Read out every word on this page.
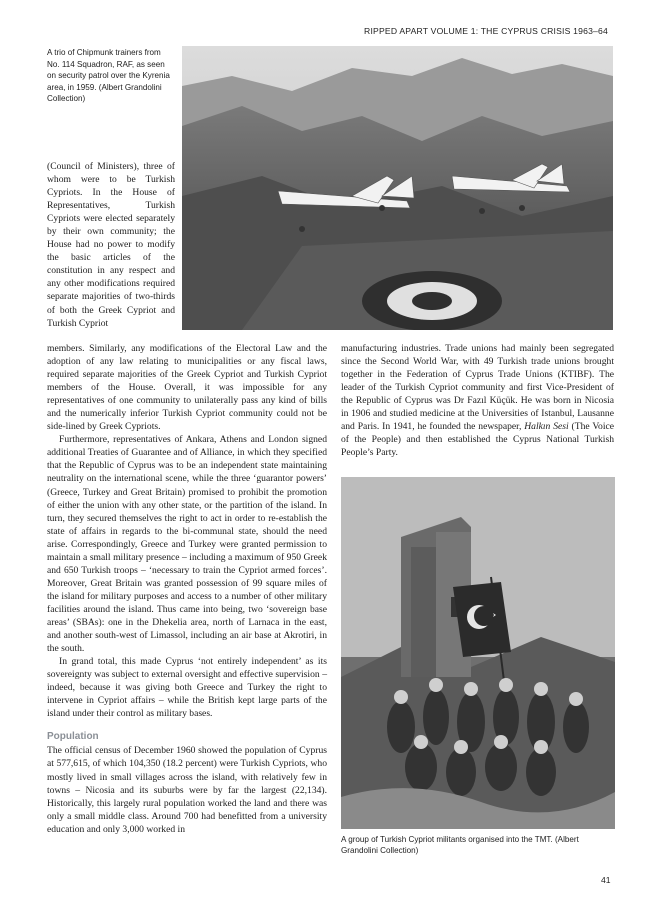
RIPPED APART VOLUME 1: THE CYPRUS CRISIS 1963–64
A trio of Chipmunk trainers from No. 114 Squadron, RAF, as seen on security patrol over the Kyrenia area, in 1959. (Albert Grandolini Collection)

(Council of Ministers), three of whom were to be Turkish Cypriots. In the House of Representatives, Turkish Cypriots were elected separately by their own community; the House had no power to modify the basic articles of the constitution in any respect and any other modifications required separate majorities of two-thirds of both the Greek Cypriot and Turkish Cypriot

members. Similarly, any modifications of the Electoral Law and the adoption of any law relating to municipalities or any fiscal laws, required separate majorities of the Greek Cypriot and Turkish Cypriot members of the House. Overall, it was impossible for any representatives of one community to unilaterally pass any kind of bills and the numerically inferior Turkish Cypriot community could not be side-lined by Greek Cypriots.

Furthermore, representatives of Ankara, Athens and London signed additional Treaties of Guarantee and of Alliance, in which they specified that the Republic of Cyprus was to be an independent state maintaining neutrality on the international scene, while the three ‘guarantor powers’ (Greece, Turkey and Great Britain) promised to prohibit the promotion of either the union with any other state, or the partition of the island. In turn, they secured themselves the right to act in order to re-establish the state of affairs in regards to the bi-communal state, should the need arise. Correspondingly, Greece and Turkey were granted permission to maintain a small military presence – including a maximum of 950 Greek and 650 Turkish troops – ‘necessary to train the Cypriot armed forces’. Moreover, Great Britain was granted possession of 99 square miles of the island for military purposes and access to a number of other military facilities around the island. Thus came into being, two ‘sovereign base areas’ (SBAs): one in the Dhekelia area, north of Larnaca in the east, and another south-west of Limassol, including an air base at Akrotiri, in the south.

In grand total, this made Cyprus ‘not entirely independent’ as its sovereignty was subject to external oversight and effective supervision – indeed, because it was giving both Greece and Turkey the right to intervene in Cypriot affairs – while the British kept large parts of the island under their control as military bases.

Population

The official census of December 1960 showed the population of Cyprus at 577,615, of which 104,350 (18.2 percent) were Turkish Cypriots, who mostly lived in small villages across the island, with relatively few in towns – Nicosia and its suburbs were by far the largest (22,134). Historically, this largely rural population worked the land and there was only a small middle class. Around 700 had benefitted from a university education and only 3,000 worked in

manufacturing industries. Trade unions had mainly been segregated since the Second World War, with 49 Turkish trade unions brought together in the Federation of Cyprus Trade Unions (KTIBF). The leader of the Turkish Cypriot community and first Vice-President of the Republic of Cyprus was Dr Fazıl Küçük. He was born in Nicosia in 1906 and studied medicine at the Universities of Istanbul, Lausanne and Paris. In 1941, he founded the newspaper, Halkın Sesi (The Voice of the People) and then established the Cyprus National Turkish People’s Party.

A group of Turkish Cypriot militants organised into the TMT. (Albert Grandolini Collection)
41
